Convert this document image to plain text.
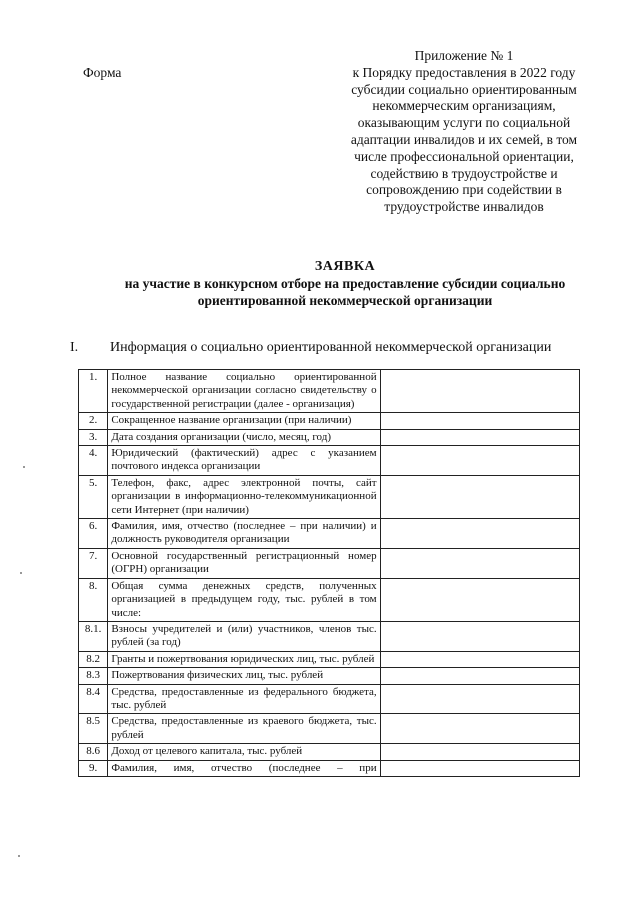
Форма
Приложение № 1
к Порядку предоставления в 2022 году
субсидии социально ориентированным
некоммерческим организациям,
оказывающим услуги по социальной
адаптации инвалидов и их семей, в том
числе профессиональной ориентации,
содействию в трудоустройстве и
сопровождению при содействии в
трудоустройстве инвалидов
ЗАЯВКА
на участие в конкурсном отборе на предоставление субсидии социально
ориентированной некоммерческой организации
I. Информация о социально ориентированной некоммерческой организации
1.	Полное название социально ориентированной некоммерческой организации согласно свидетельству о государственной регистрации (далее - организация)	
2.	Сокращенное название организации (при наличии)	
3.	Дата создания организации (число, месяц, год)	
4.	Юридический (фактический) адрес с указанием почтового индекса организации	
5.	Телефон, факс, адрес электронной почты, сайт организации в информационно-телекоммуникационной сети Интернет (при наличии)	
6.	Фамилия, имя, отчество (последнее – при наличии) и должность руководителя организации	
7.	Основной государственный регистрационный номер (ОГРН) организации	
8.	Общая сумма денежных средств, полученных организацией в предыдущем году, тыс. рублей в том числе:	
8.1.	Взносы учредителей и (или) участников, членов тыс. рублей (за год)	
8.2	Гранты и пожертвования юридических лиц, тыс. рублей	
8.3	Пожертвования физических лиц, тыс. рублей	
8.4	Средства, предоставленные из федерального бюджета, тыс. рублей	
8.5	Средства, предоставленные из краевого бюджета, тыс. рублей	
8.6	Доход от целевого капитала, тыс. рублей	
9.	Фамилия, имя, отчество (последнее – при	
